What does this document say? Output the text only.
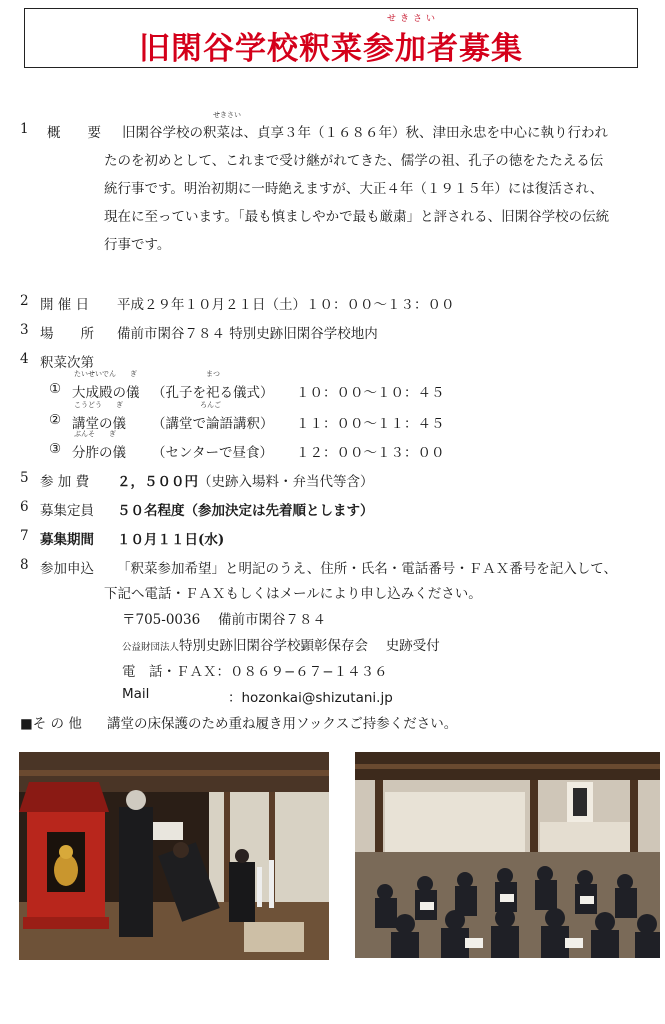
せきさい
旧閑谷学校釈菜参加者募集
1 概　　要
せきさい
旧閑谷学校の釈菜は、貞享３年（１６８６年）秋、津田永忠を中心に執り行われ
たのを初めとして、これまで受け継がれてきた、儒学の祖、孔子の徳をたたえる伝
統行事です。明治初期に一時絶えますが、大正４年（１９１５年）には復活され、
現在に至っています。「最も慎ましやかで最も厳粛」と評される、旧閑谷学校の伝統
行事です。
2 開 催 日 平成２９年１０月２１日（土）１０：００〜１３：００
3 場　　所 備前市閑谷７８４ 特別史跡旧閑谷学校地内
4 釈菜次第
たいせいでん　　ぎ	まつ
① 大成殿の儀 （孔子を祀る儀式） １０：００〜１０：４５
こうどう　　ぎ	ろんご
② 講堂の儀 （講堂で論語講釈） １１：００〜１１：４５
ぶんそ　　ぎ
③ 分胙の儀 （センターで昼食） １２：００〜１３：００
5 参 加 費 ２，５００円 （史跡入場料・弁当代等含）
6 募集定員 ５０名程度（参加決定は先着順とします）
7 募集期間 １０月１１日(水)
8 参加申込 「釈菜参加希望」と明記のうえ、住所・氏名・電話番号・ＦＡＸ番号を記入して、
下記へ電話・ＦＡＸもしくはメールにより申し込みください。
〒705-0036　 備前市閑谷７８４
公益財団法人特別史跡旧閑谷学校顕彰保存会　 史跡受付
電　話・ＦＡＸ：０８６９−６７−１４３６
Mail	：hozonkai@shizutani.jp
■そ の 他 講堂の床保護のため重ね履き用ソックスご持参ください。
